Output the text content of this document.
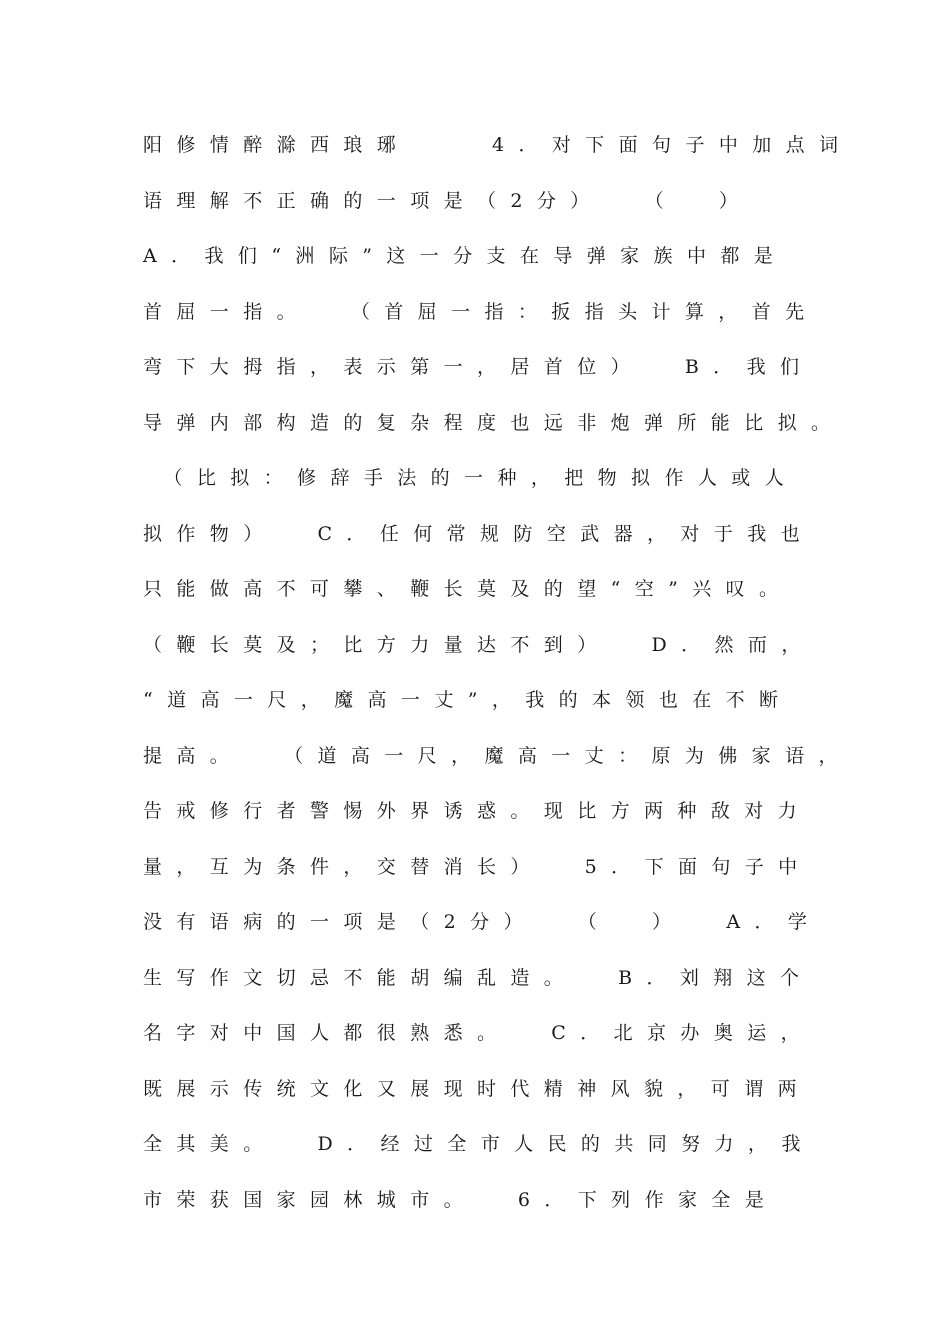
阳修情醉滁西琅琊    4．对下面句子中加点词
语理解不正确的一项是（2分）  （  ）
A．我们“洲际”这一分支在导弹家族中都是
首屈一指。  （首屈一指：扳指头计算，首先
弯下大拇指，表示第一，居首位）  B．我们
导弹内部构造的复杂程度也远非炮弹所能比拟。
（比拟：修辞手法的一种，把物拟作人或人
拟作物）  C．任何常规防空武器，对于我也
只能做高不可攀、鞭长莫及的望“空”兴叹。
（鞭长莫及；比方力量达不到）  D．然而，
“道高一尺，魔高一丈”，我的本领也在不断
提高。  （道高一尺，魔高一丈：原为佛家语，
告戒修行者警惕外界诱惑。现比方两种敌对力
量，互为条件，交替消长）  5．下面句子中
没有语病的一项是（2分）  （  ）  A．学
生写作文切忌不能胡编乱造。  B．刘翔这个
名字对中国人都很熟悉。  C．北京办奥运，
既展示传统文化又展现时代精神风貌，可谓两
全其美。  D．经过全市人民的共同努力，我
市荣获国家园林城市。  6．下列作家全是
